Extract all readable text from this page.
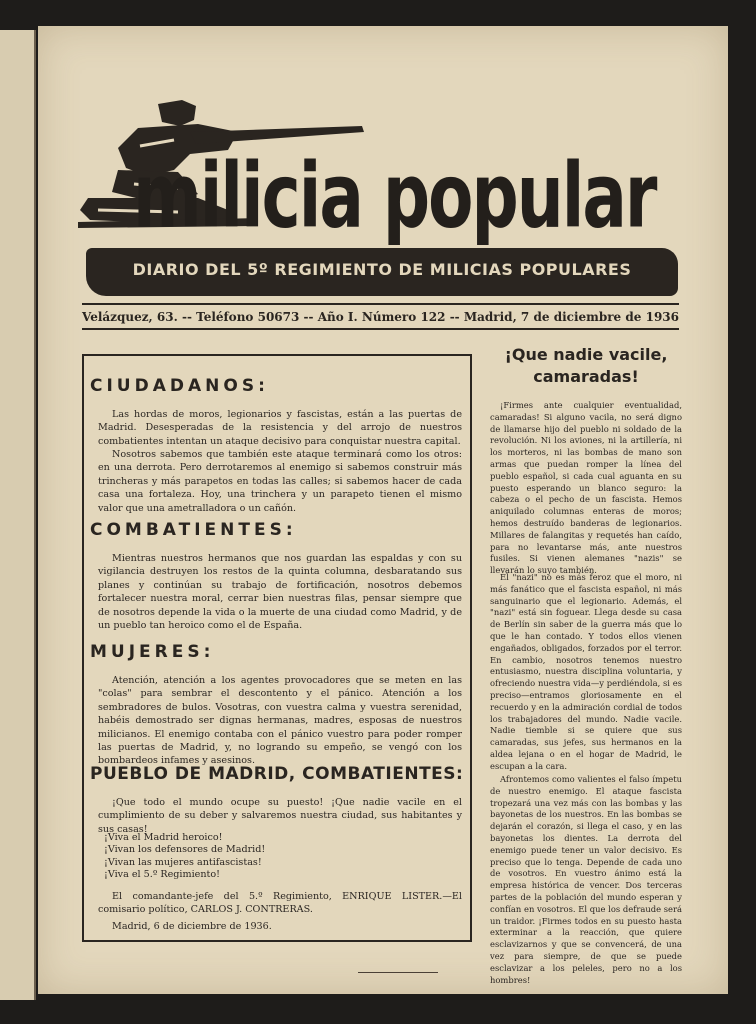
milicia popular
DIARIO DEL 5º REGIMIENTO DE MILICIAS POPULARES
Velázquez, 63. -- Teléfono 50673 -- Año I. Número 122 -- Madrid, 7 de diciembre de 1936
CIUDADANOS:
Las hordas de moros, legionarios y fascistas, están a las puertas de Madrid. Desesperadas de la resistencia y del arrojo de nuestros combatientes intentan un ataque decisivo para conquistar nuestra capital.
Nosotros sabemos que también este ataque terminará como los otros: en una derrota. Pero derrotaremos al enemigo si sabemos construir más trincheras y más parapetos en todas las calles; si sabemos hacer de cada casa una fortaleza. Hoy, una trinchera y un parapeto tienen el mismo valor que una ametralladora o un cañón.
COMBATIENTES:
Mientras nuestros hermanos que nos guardan las espaldas y con su vigilancia destruyen los restos de la quinta columna, desbaratando sus planes y continúan su trabajo de fortificación, nosotros debemos fortalecer nuestra moral, cerrar bien nuestras filas, pensar siempre que de nosotros depende la vida o la muerte de una ciudad como Madrid, y de un pueblo tan heroico como el de España.
MUJERES:
Atención, atención a los agentes provocadores que se meten en las "colas" para sembrar el descontento y el pánico. Atención a los sembradores de bulos. Vosotras, con vuestra calma y vuestra serenidad, habéis demostrado ser dignas hermanas, madres, esposas de nuestros milicianos. El enemigo contaba con el pánico vuestro para poder romper las puertas de Madrid, y, no logrando su empeño, se vengó con los bombardeos infames y asesinos.
PUEBLO DE MADRID, COMBATIENTES:
¡Que todo el mundo ocupe su puesto! ¡Que nadie vacile en el cumplimiento de su deber y salvaremos nuestra ciudad, sus habitantes y sus casas!
¡Viva el Madrid heroico!
¡Vivan los defensores de Madrid!
¡Vivan las mujeres antifascistas!
¡Viva el 5.º Regimiento!
El comandante-jefe del 5.º Regimiento, ENRIQUE LISTER.—El comisario político, CARLOS J. CONTRERAS.
Madrid, 6 de diciembre de 1936.
¡Que nadie vacile, camaradas!
¡Firmes ante cualquier eventualidad, camaradas! Si alguno vacila, no será digno de llamarse hijo del pueblo ni soldado de la revolución. Ni los aviones, ni la artillería, ni los morteros, ni las bombas de mano son armas que puedan romper la línea del pueblo español, si cada cual aguanta en su puesto esperando un blanco seguro: la cabeza o el pecho de un fascista. Hemos aniquilado columnas enteras de moros; hemos destruído banderas de legionarios. Millares de falangitas y requetés han caído, para no levantarse más, ante nuestros fusiles. Si vienen alemanes "nazis" se llevarán lo suyo también.
El "nazi" no es más feroz que el moro, ni más fanático que el fascista español, ni más sanguinario que el legionario. Además, el "nazi" está sin foguear. Llega desde su casa de Berlín sin saber de la guerra más que lo que le han contado. Y todos ellos vienen engañados, obligados, forzados por el terror. En cambio, nosotros tenemos nuestro entusiasmo, nuestra disciplina voluntaria, y ofreciendo nuestra vida—y perdiéndola, si es preciso—entramos gloriosamente en el recuerdo y en la admiración cordial de todos los trabajadores del mundo. Nadie vacile. Nadie tiemble si se quiere que sus camaradas, sus jefes, sus hermanos en la aldea lejana o en el hogar de Madrid, le escupan a la cara.
Afrontemos como valientes el falso ímpetu de nuestro enemigo. El ataque fascista tropezará una vez más con las bombas y las bayonetas de los nuestros. En las bombas se dejarán el corazón, si llega el caso, y en las bayonetas los dientes. La derrota del enemigo puede tener un valor decisivo. Es preciso que lo tenga. Depende de cada uno de vosotros. En vuestro ánimo está la empresa histórica de vencer. Dos terceras partes de la población del mundo esperan y confían en vosotros. El que los defraude será un traidor. ¡Firmes todos en su puesto hasta exterminar a la reacción, que quiere esclavizarnos y que se convencerá, de una vez para siempre, de que se puede esclavizar a los peleles, pero no a los hombres!
